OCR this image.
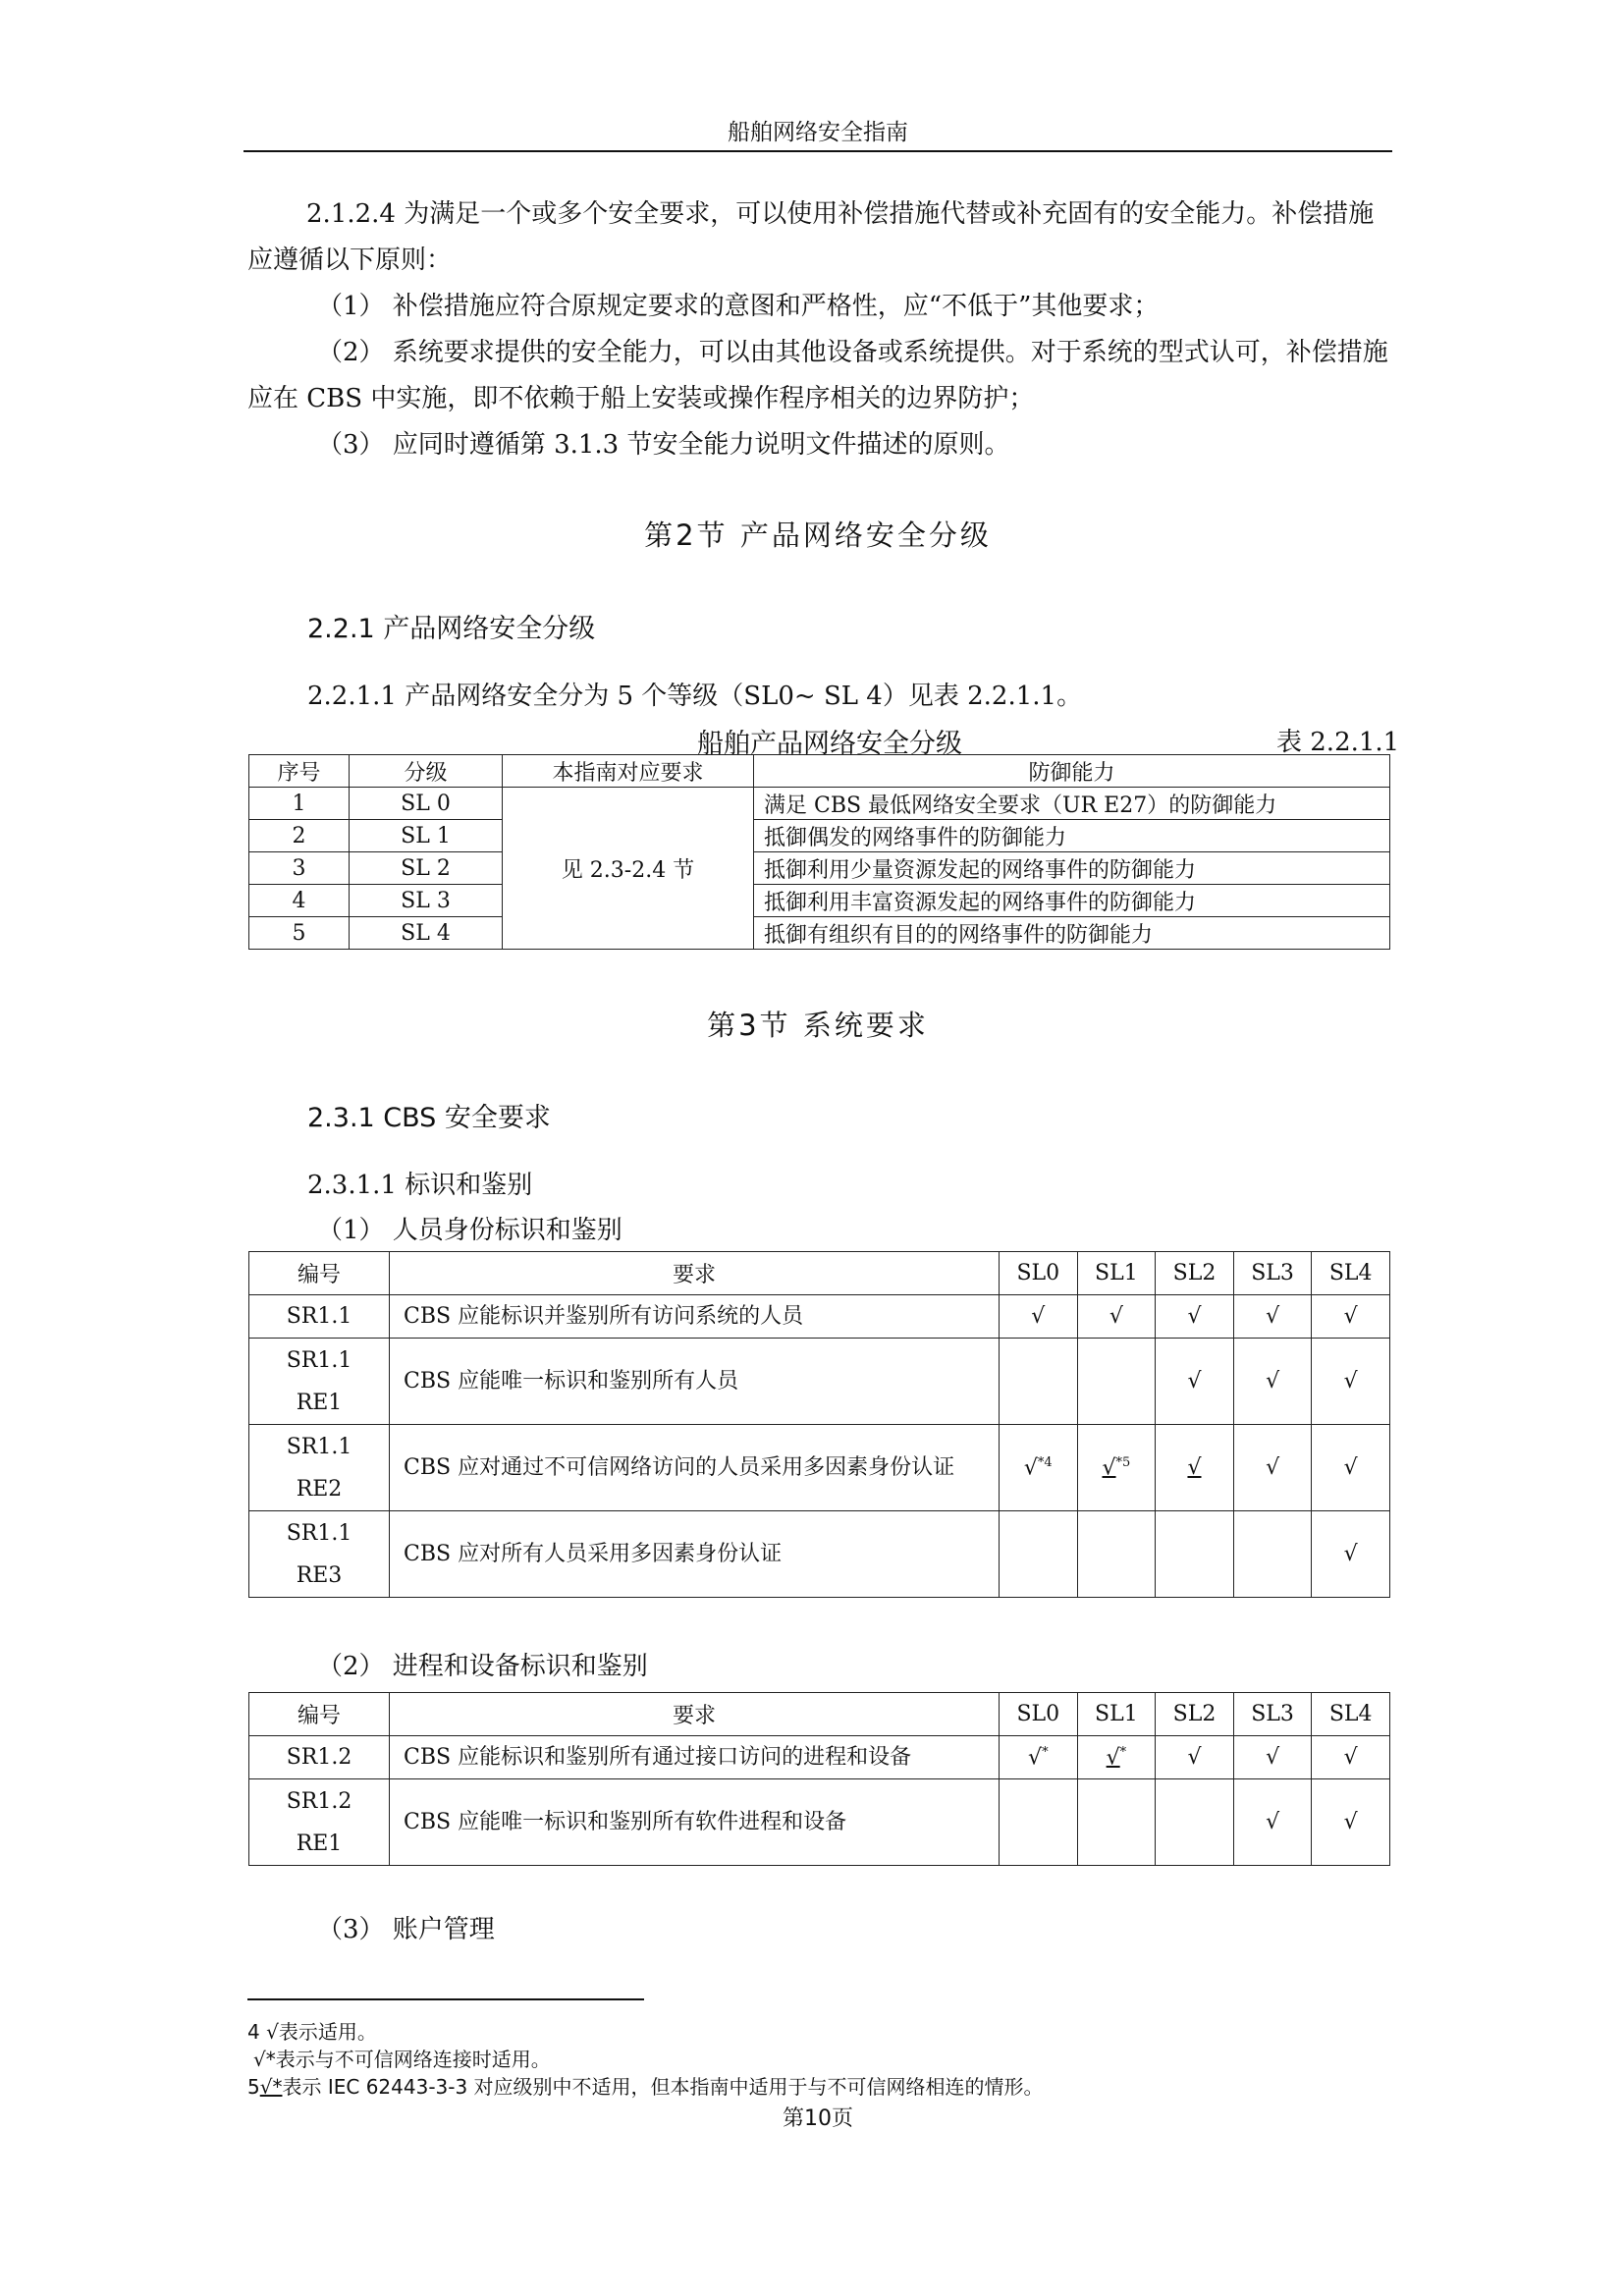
船舶网络安全指南
2.1.2.4 为满足一个或多个安全要求，可以使用补偿措施代替或补充固有的安全能力。补偿措施应遵循以下原则：
（1） 补偿措施应符合原规定要求的意图和严格性，应“不低于”其他要求；
（2） 系统要求提供的安全能力，可以由其他设备或系统提供。对于系统的型式认可，补偿措施应在 CBS 中实施，即不依赖于船上安装或操作程序相关的边界防护；
（3） 应同时遵循第 3.1.3 节安全能力说明文件描述的原则。
第2节 产品网络安全分级
2.2.1 产品网络安全分级
2.2.1.1 产品网络安全分为 5 个等级（SL0~ SL 4）见表 2.2.1.1。
船舶产品网络安全分级	表 2.2.1.1
序号	分级	本指南对应要求	防御能力
1	SL 0	见 2.3-2.4 节	满足 CBS 最低网络安全要求（UR E27）的防御能力
2	SL 1		抵御偶发的网络事件的防御能力
3	SL 2		抵御利用少量资源发起的网络事件的防御能力
4	SL 3		抵御利用丰富资源发起的网络事件的防御能力
5	SL 4		抵御有组织有目的的网络事件的防御能力
第3节 系统要求
2.3.1 CBS 安全要求
2.3.1.1 标识和鉴别
（1） 人员身份标识和鉴别
编号	要求	SL0	SL1	SL2	SL3	SL4
SR1.1	CBS 应能标识并鉴别所有访问系统的人员	√	√	√	√	√

SR1.1
RE1	CBS 应能唯一标识和鉴别所有人员			√	√	√

SR1.1
RE2	CBS 应对通过不可信网络访问的人员采用多因素身份认证	√$^{*4}$	√$^{*5}$	√	√	√

SR1.1
RE3	CBS 应对所有人员采用多因素身份认证					√
（2） 进程和设备标识和鉴别
编号	要求	SL0	SL1	SL2	SL3	SL4
SR1.2	CBS 应能标识和鉴别所有通过接口访问的进程和设备	√*	√*	√	√	√

SR1.2
RE1	CBS 应能唯一标识和鉴别所有软件进程和设备				√	√
（3） 账户管理
4 √表示适用。
√*表示与不可信网络连接时适用。
5√*表示 IEC 62443-3-3 对应级别中不适用，但本指南中适用于与不可信网络相连的情形。
第10页
